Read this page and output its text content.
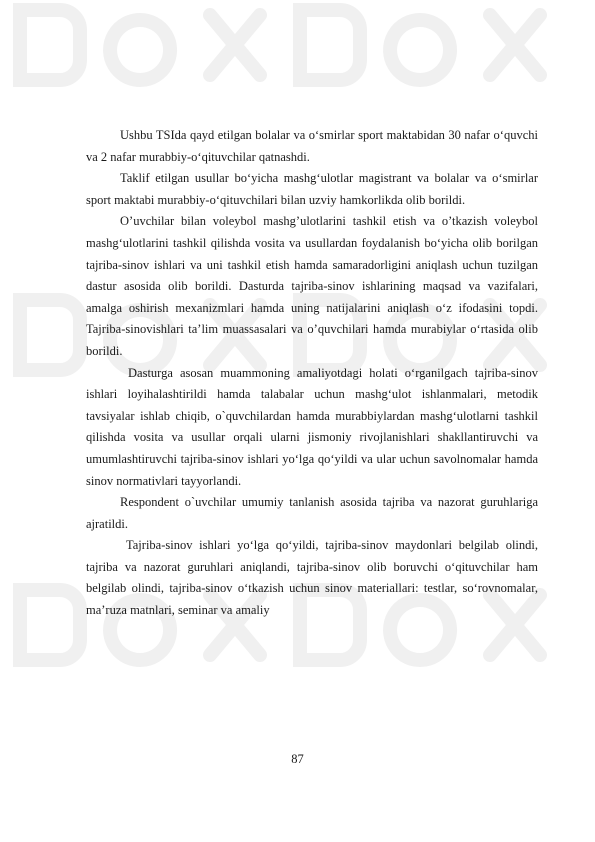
Ushbu TSIda qayd etilgan bolalar va o‘smirlar sport maktabidan 30 nafar o‘quvchi va 2 nafar murabbiy-o‘qituvchilar qatnashdi.

Taklif etilgan usullar bo‘yicha mashg‘ulotlar magistrant va bolalar va o‘smirlar sport maktabi murabbiy-o‘qituvchilari bilan uzviy hamkorlikda olib borildi.

O’uvchilar bilan voleybol mashg’ulotlarini tashkil etish va o’tkazish voleybol mashg‘ulotlarini tashkil qilishda vosita va usullardan foydalanish bo‘yicha olib borilgan tajriba-sinov ishlari va uni tashkil etish hamda samaradorligini aniqlash uchun tuzilgan dastur asosida olib borildi. Dasturda tajriba-sinov ishlarining maqsad va vazifalari, amalga oshirish mexanizmlari hamda uning natijalarini aniqlash o‘z ifodasini topdi. Tajriba-sinovishlari ta’lim muassasalari va o’quvchilari hamda murabiylar o‘rtasida olib borildi.

Dasturga asosan muammoning amaliyotdagi holati o‘rganilgach tajriba-sinov ishlari loyihalashtirildi hamda talabalar uchun mashg‘ulot ishlanmalari, metodik tavsiyalar ishlab chiqib, o`quvchilardan hamda murabbiylardan mashg‘ulotlarni tashkil qilishda vosita va usullar orqali ularni jismoniy rivojlanishlari shakllantiruvchi va umumlashtiruvchi tajriba-sinov ishlari yo‘lga qo‘yildi va ular uchun savolnomalar hamda sinov normativlari tayyorlandi.

Respondent o`uvchilar umumiy tanlanish asosida tajriba va nazorat guruhlariga ajratildi.

Tajriba-sinov ishlari yo‘lga qo‘yildi, tajriba-sinov maydonlari belgilab olindi, tajriba va nazorat guruhlari aniqlandi, tajriba-sinov olib boruvchi o‘qituvchilar ham belgilab olindi, tajriba-sinov o‘tkazish uchun sinov materiallari: testlar, so‘rovnomalar, ma’ruza matnlari, seminar va amaliy

87
